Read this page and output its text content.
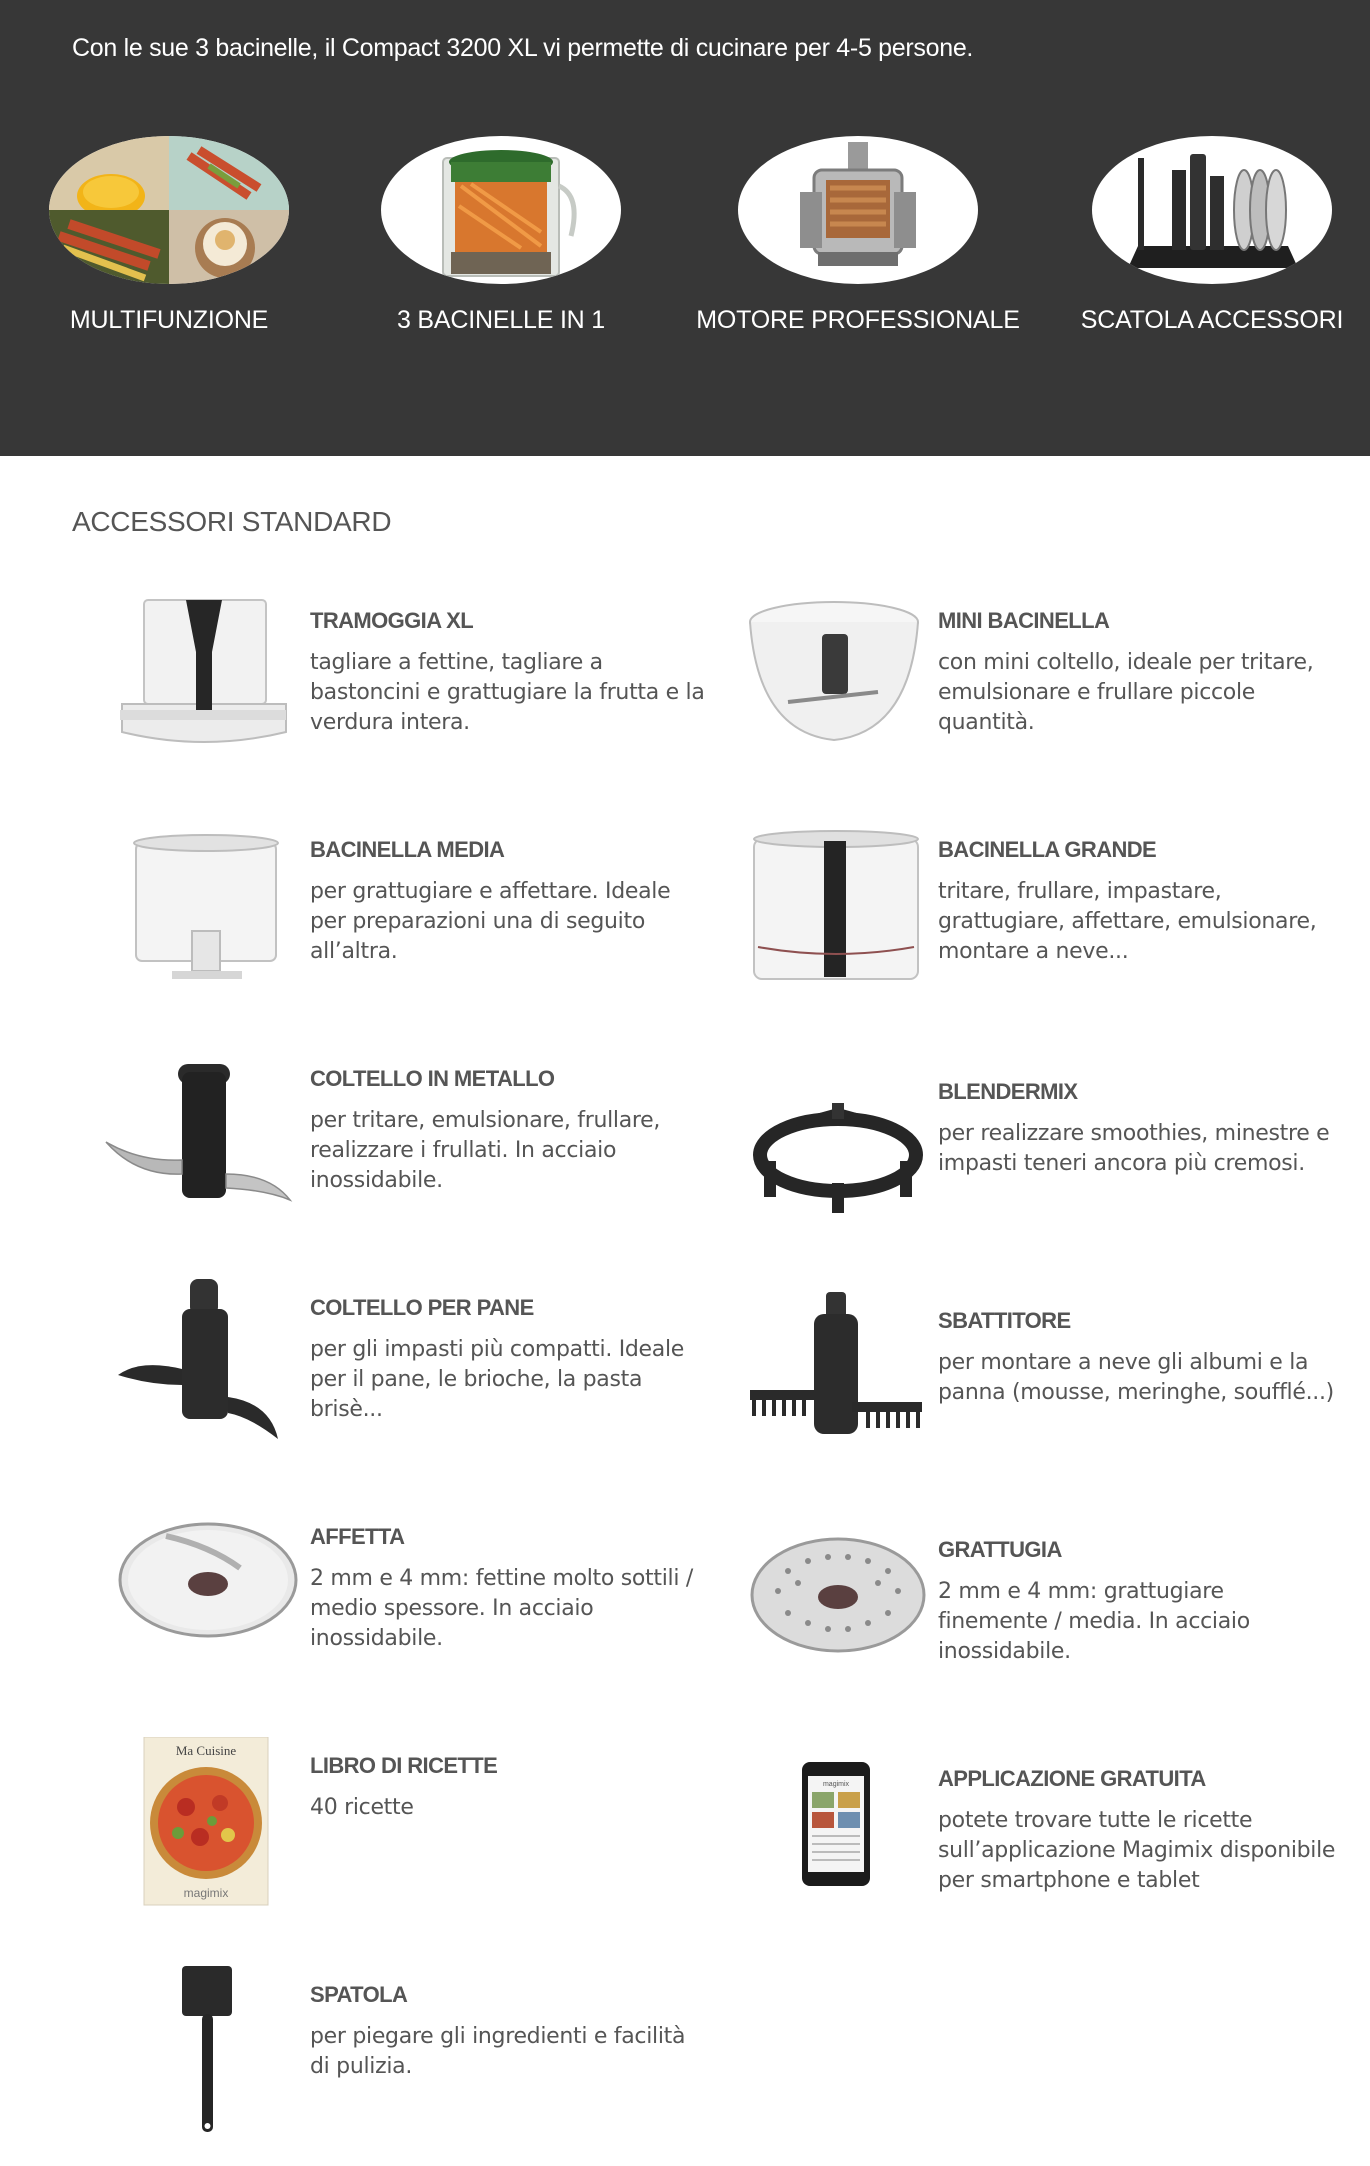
Con le sue 3 bacinelle, il Compact 3200 XL vi permette di cucinare per 4-5 persone.
MULTIFUNZIONE	3 BACINELLE IN 1	MOTORE PROFESSIONALE	SCATOLA ACCESSORI
ACCESSORI STANDARD
TRAMOGGIA XL
tagliare a fettine, tagliare a bastoncini e grattugiare la frutta e la verdura intera.
MINI BACINELLA
con mini coltello, ideale per tritare, emulsionare e frullare piccole quantità.
BACINELLA MEDIA
per grattugiare e affettare. Ideale per preparazioni una di seguito all’altra.
BACINELLA GRANDE
tritare, frullare, impastare, grattugiare, affettare, emulsionare, montare a neve...
COLTELLO IN METALLO
per tritare, emulsionare, frullare, realizzare i frullati. In acciaio inossidabile.
BLENDERMIX
per realizzare smoothies, minestre e impasti teneri ancora più cremosi.
COLTELLO PER PANE
per gli impasti più compatti. Ideale per il pane, le brioche, la pasta brisè...
SBATTITORE
per montare a neve gli albumi e la panna (mousse, meringhe, soufflé...)
AFFETTA
2 mm e 4 mm: fettine molto sottili / medio spessore. In acciaio inossidabile.
GRATTUGIA
2 mm e 4 mm: grattugiare finemente / media. In acciaio inossidabile.
Ma Cuisine
magimix
LIBRO DI RICETTE
40 ricette
magimix	APPLICAZIONE GRATUITA
potete trovare tutte le ricette sull’applicazione Magimix disponibile per smartphone e tablet
SPATOLA
per piegare gli ingredienti e facilità di pulizia.
